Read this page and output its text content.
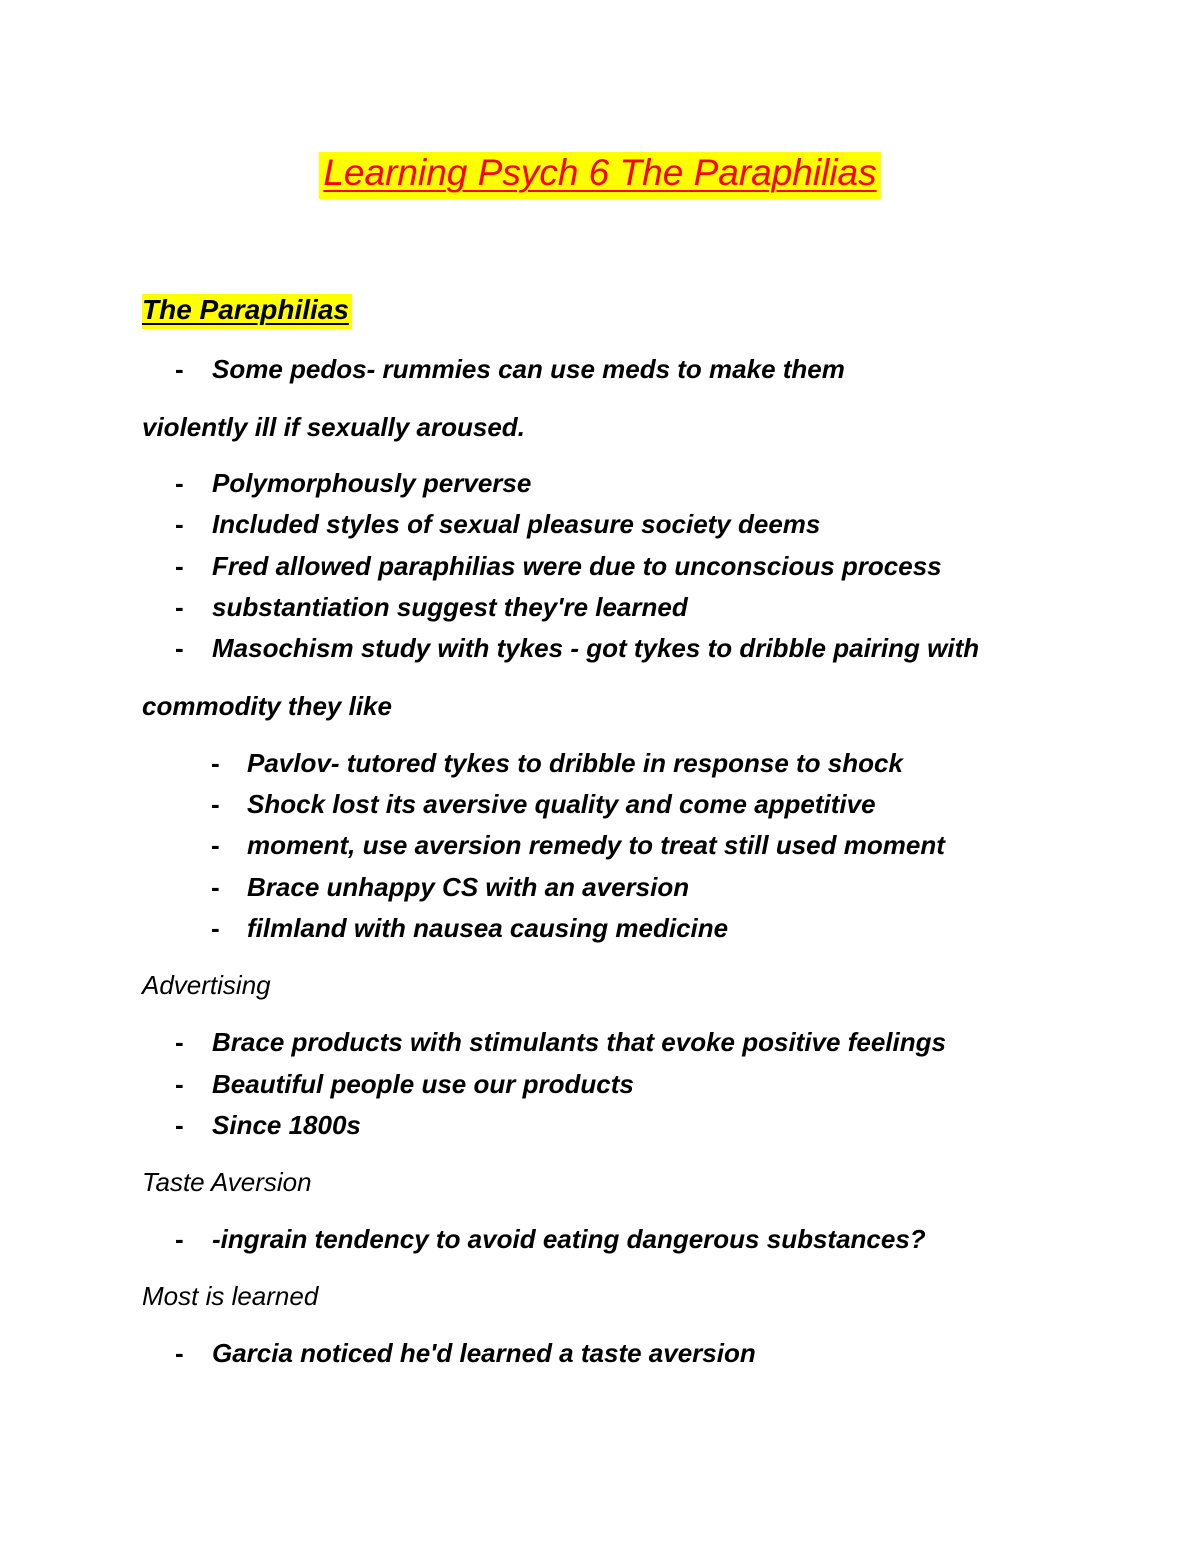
Learning Psych 6 The Paraphilias
The Paraphilias
- Some pedos- rummies can use meds to make them
violently ill if sexually aroused.
- Polymorphously perverse
- Included styles of sexual pleasure society deems
- Fred allowed paraphilias were due to unconscious process
- substantiation suggest they're learned
- Masochism study with tykes - got tykes to dribble pairing with
commodity they like
- Pavlov- tutored tykes to dribble in response to shock
- Shock lost its aversive quality and come appetitive
- moment, use aversion remedy to treat still used moment
- Brace unhappy CS with an aversion
- filmland with nausea causing medicine
Advertising
- Brace products with stimulants that evoke positive feelings
- Beautiful people use our products
- Since 1800s
Taste Aversion
- -ingrain tendency to avoid eating dangerous substances?
Most is learned
- Garcia noticed he'd learned a taste aversion
